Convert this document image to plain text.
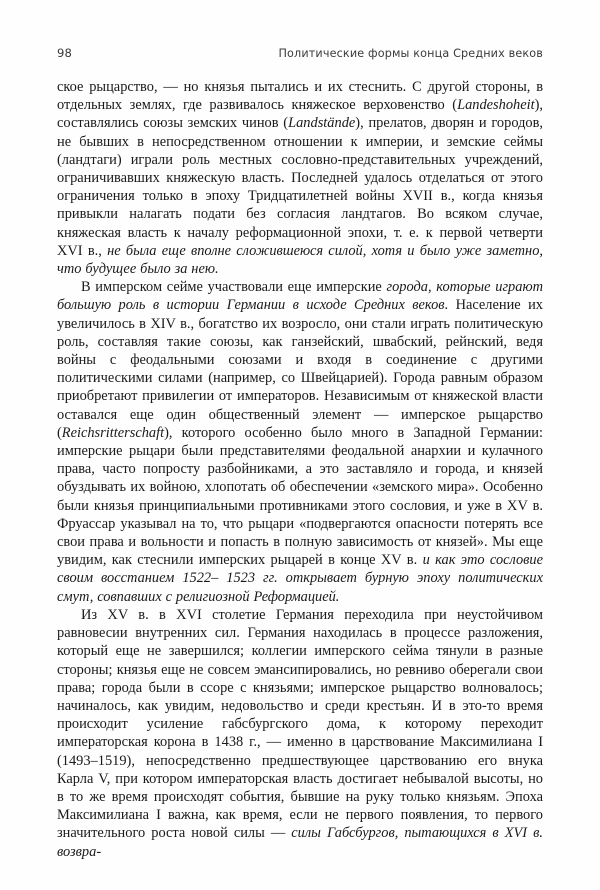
98	Политические формы конца Средних веков

ское рыцарство, — но князья пытались и их стеснить. С другой стороны, в отдельных землях, где развивалось княжеское верховенство (Landeshoheit), составлялись союзы земских чинов (Landstände), прелатов, дворян и городов, не бывших в непосредственном отношении к империи, и земские сеймы (ландтаги) играли роль местных сословно-представительных учреждений, ограничивавших княжескую власть. Последней удалось отделаться от этого ограничения только в эпоху Тридцатилетней войны XVII в., когда князья привыкли налагать подати без согласия ландтагов. Во всяком случае, княжеская власть к началу реформационной эпохи, т. е. к первой четверти XVI в., не была еще вполне сложившеюся силой, хотя и было уже заметно, что будущее было за нею.

В имперском сейме участвовали еще имперские города, которые играют большую роль в истории Германии в исходе Средних веков. Население их увеличилось в XIV в., богатство их возросло, они стали играть политическую роль, составляя такие союзы, как ганзейский, швабский, рейнский, ведя войны с феодальными союзами и входя в соединение с другими политическими силами (например, со Швейцарией). Города равным образом приобретают привилегии от императоров. Независимым от княжеской власти оставался еще один общественный элемент — имперское рыцарство (Reichsritterschaft), которого особенно было много в Западной Германии: имперские рыцари были представителями феодальной анархии и кулачного права, часто попросту разбойниками, а это заставляло и города, и князей обуздывать их войною, хлопотать об обеспечении «земского мира». Особенно были князья принципиальными противниками этого сословия, и уже в XV в. Фруассар указывал на то, что рыцари «подвергаются опасности потерять все свои права и вольности и попасть в полную зависимость от князей». Мы еще увидим, как стеснили имперских рыцарей в конце XV в. и как это сословие своим восстанием 1522– 1523 гг. открывает бурную эпоху политических смут, совпавших с религиозной Реформацией.

Из XV в. в XVI столетие Германия переходила при неустойчивом равновесии внутренних сил. Германия находилась в процессе разложения, который еще не завершился; коллегии имперского сейма тянули в разные стороны; князья еще не совсем эмансипировались, но ревниво оберегали свои права; города были в ссоре с князьями; имперское рыцарство волновалось; начиналось, как увидим, недовольство и среди крестьян. И в это-то время происходит усиление габсбургского дома, к которому переходит императорская корона в 1438 г., — именно в царствование Максимилиана I (1493–1519), непосредственно предшествующее царствованию его внука Карла V, при котором императорская власть достигает небывалой высоты, но в то же время происходят события, бывшие на руку только князьям. Эпоха Максимилиана I важна, как время, если не первого появления, то первого значительного роста новой силы — силы Габсбургов, пытающихся в XVI в. возвра-
